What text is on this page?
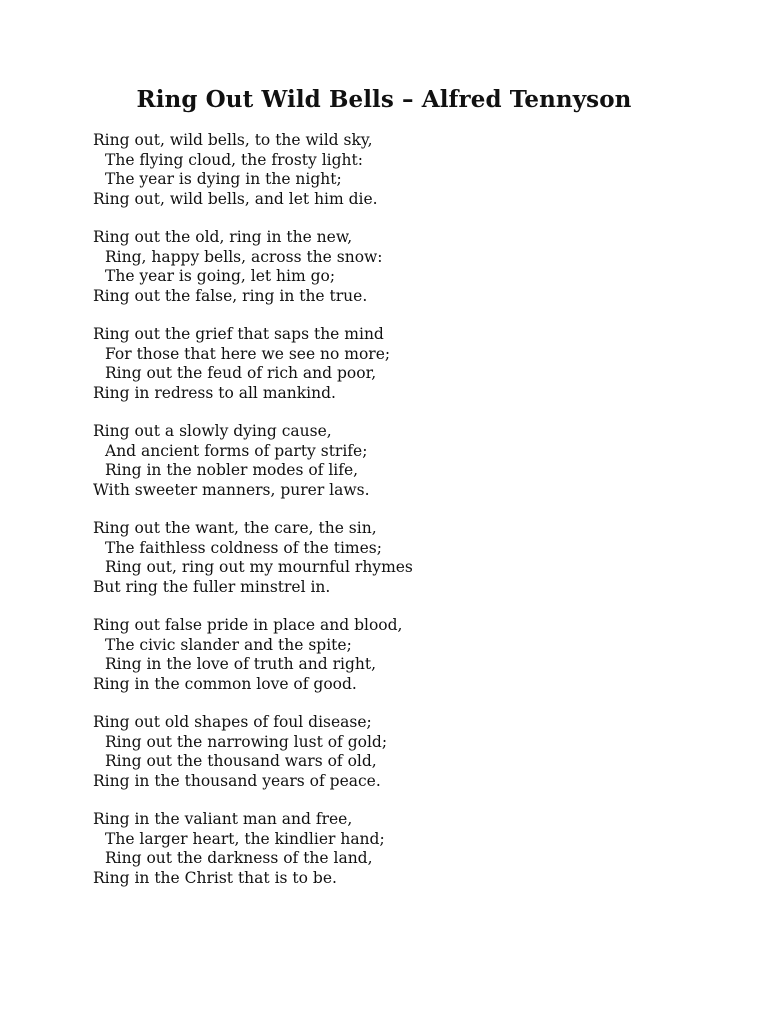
Ring Out Wild Bells – Alfred Tennyson
Ring out, wild bells, to the wild sky,
The flying cloud, the frosty light:
The year is dying in the night;
Ring out, wild bells, and let him die.
Ring out the old, ring in the new,
Ring, happy bells, across the snow:
The year is going, let him go;
Ring out the false, ring in the true.
Ring out the grief that saps the mind
For those that here we see no more;
Ring out the feud of rich and poor,
Ring in redress to all mankind.
Ring out a slowly dying cause,
And ancient forms of party strife;
Ring in the nobler modes of life,
With sweeter manners, purer laws.
Ring out the want, the care, the sin,
The faithless coldness of the times;
Ring out, ring out my mournful rhymes
But ring the fuller minstrel in.
Ring out false pride in place and blood,
The civic slander and the spite;
Ring in the love of truth and right,
Ring in the common love of good.
Ring out old shapes of foul disease;
Ring out the narrowing lust of gold;
Ring out the thousand wars of old,
Ring in the thousand years of peace.
Ring in the valiant man and free,
The larger heart, the kindlier hand;
Ring out the darkness of the land,
Ring in the Christ that is to be.
